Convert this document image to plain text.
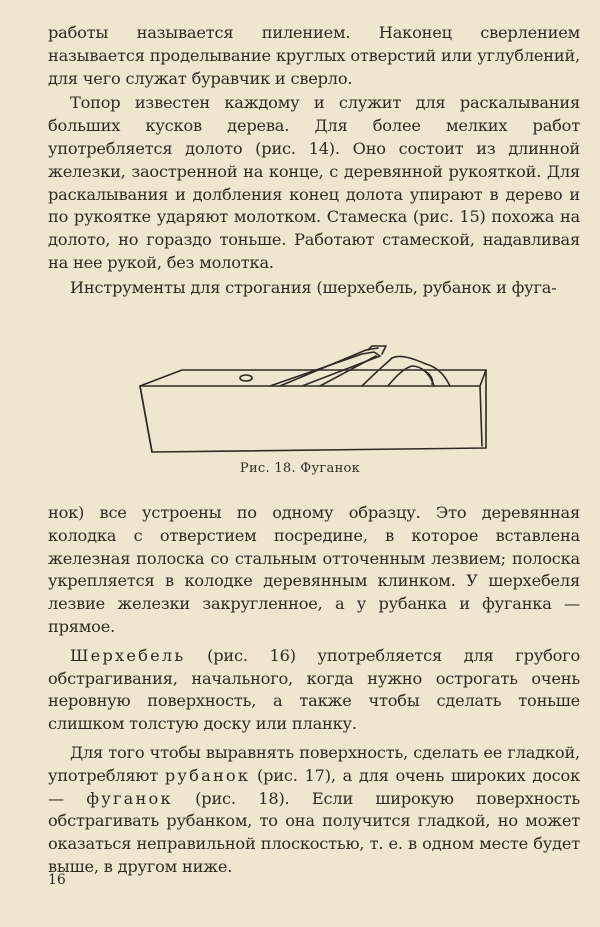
работы называется пилением. Наконец сверлением называется проделывание круглых отверстий или углублений, для чего служат буравчик и сверло.

Топор известен каждому и служит для раскалывания больших кусков дерева. Для более мелких работ употребляется долото (рис. 14). Оно состоит из длинной железки, заостренной на конце, с деревянной рукояткой. Для раскалывания и долбления конец долота упирают в дерево и по рукоятке ударяют молотком. Стамеска (рис. 15) похожа на долото, но гораздо тоньше. Работают стамеской, надавливая на нее рукой, без молотка.

Инструменты для строгания (шерхебель, рубанок и фуга-

Рис. 18. Фуганок

нок) все устроены по одному образцу. Это деревянная колодка с отверстием посредине, в которое вставлена железная полоска со стальным отточенным лезвием; полоска укрепляется в колодке деревянным клинком. У шерхебеля лезвие железки закругленное, а у рубанка и фуганка — прямое.

Шерхебель (рис. 16) употребляется для грубого обстрагивания, начального, когда нужно острогать очень неровную поверхность, а также чтобы сделать тоньше слишком толстую доску или планку.

Для того чтобы выравнять поверхность, сделать ее гладкой, употребляют рубанок (рис. 17), а для очень широких досок — фуганок (рис. 18). Если широкую поверхность обстрагивать рубанком, то она получится гладкой, но может оказаться неправильной плоскостью, т. е. в одном месте будет выше, в другом ниже.

16
